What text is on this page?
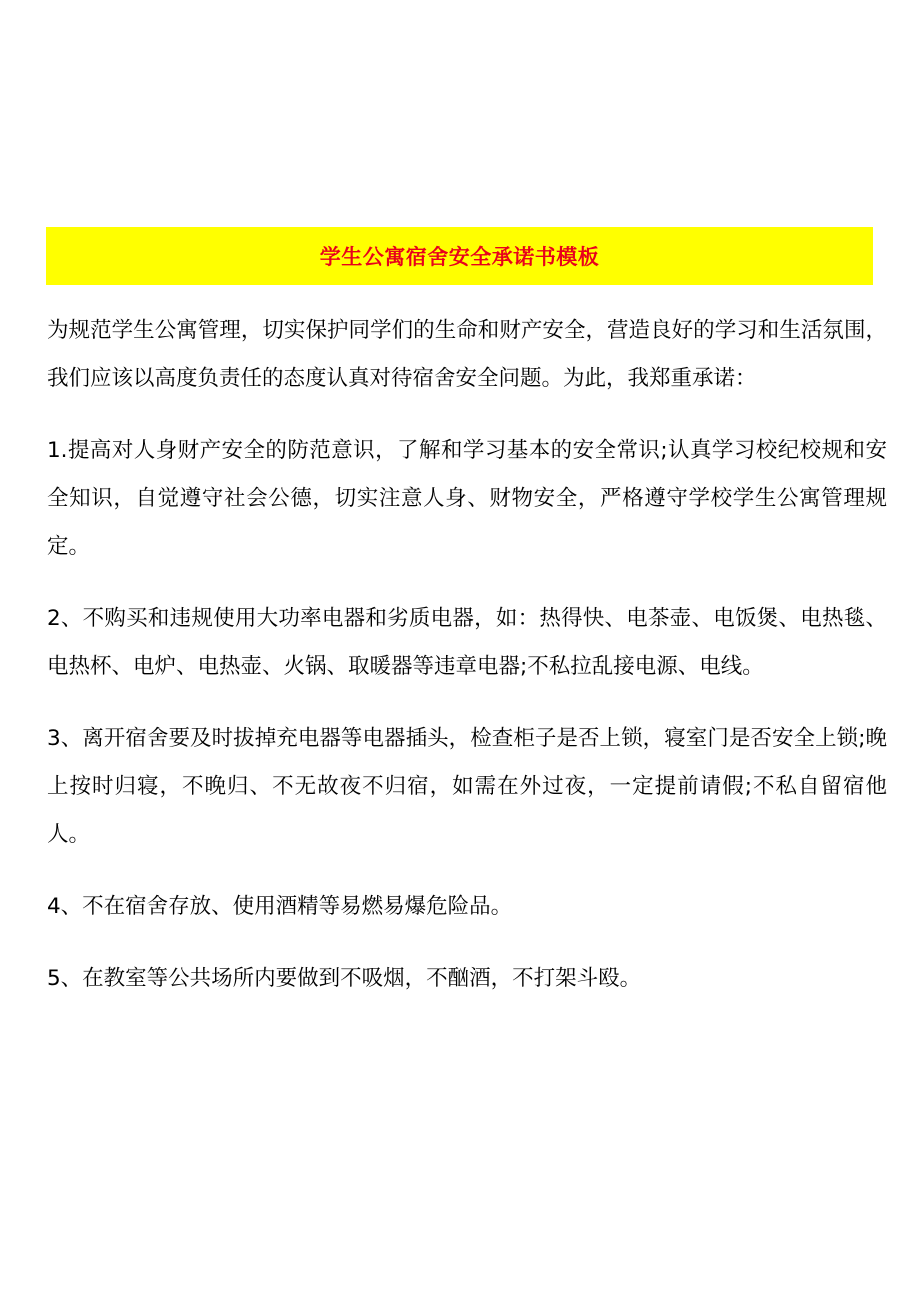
学生公寓宿舍安全承诺书模板

为规范学生公寓管理，切实保护同学们的生命和财产安全，营造良好的学习和生活氛围，我们应该以高度负责任的态度认真对待宿舍安全问题。为此，我郑重承诺：

1.提高对人身财产安全的防范意识，了解和学习基本的安全常识;认真学习校纪校规和安全知识，自觉遵守社会公德，切实注意人身、财物安全，严格遵守学校学生公寓管理规定。

2、不购买和违规使用大功率电器和劣质电器，如：热得快、电茶壶、电饭煲、电热毯、电热杯、电炉、电热壶、火锅、取暖器等违章电器;不私拉乱接电源、电线。

3、离开宿舍要及时拔掉充电器等电器插头，检查柜子是否上锁，寝室门是否安全上锁;晚上按时归寝，不晚归、不无故夜不归宿，如需在外过夜，一定提前请假;不私自留宿他人。

4、不在宿舍存放、使用酒精等易燃易爆危险品。

5、在教室等公共场所内要做到不吸烟，不酗酒，不打架斗殴。
